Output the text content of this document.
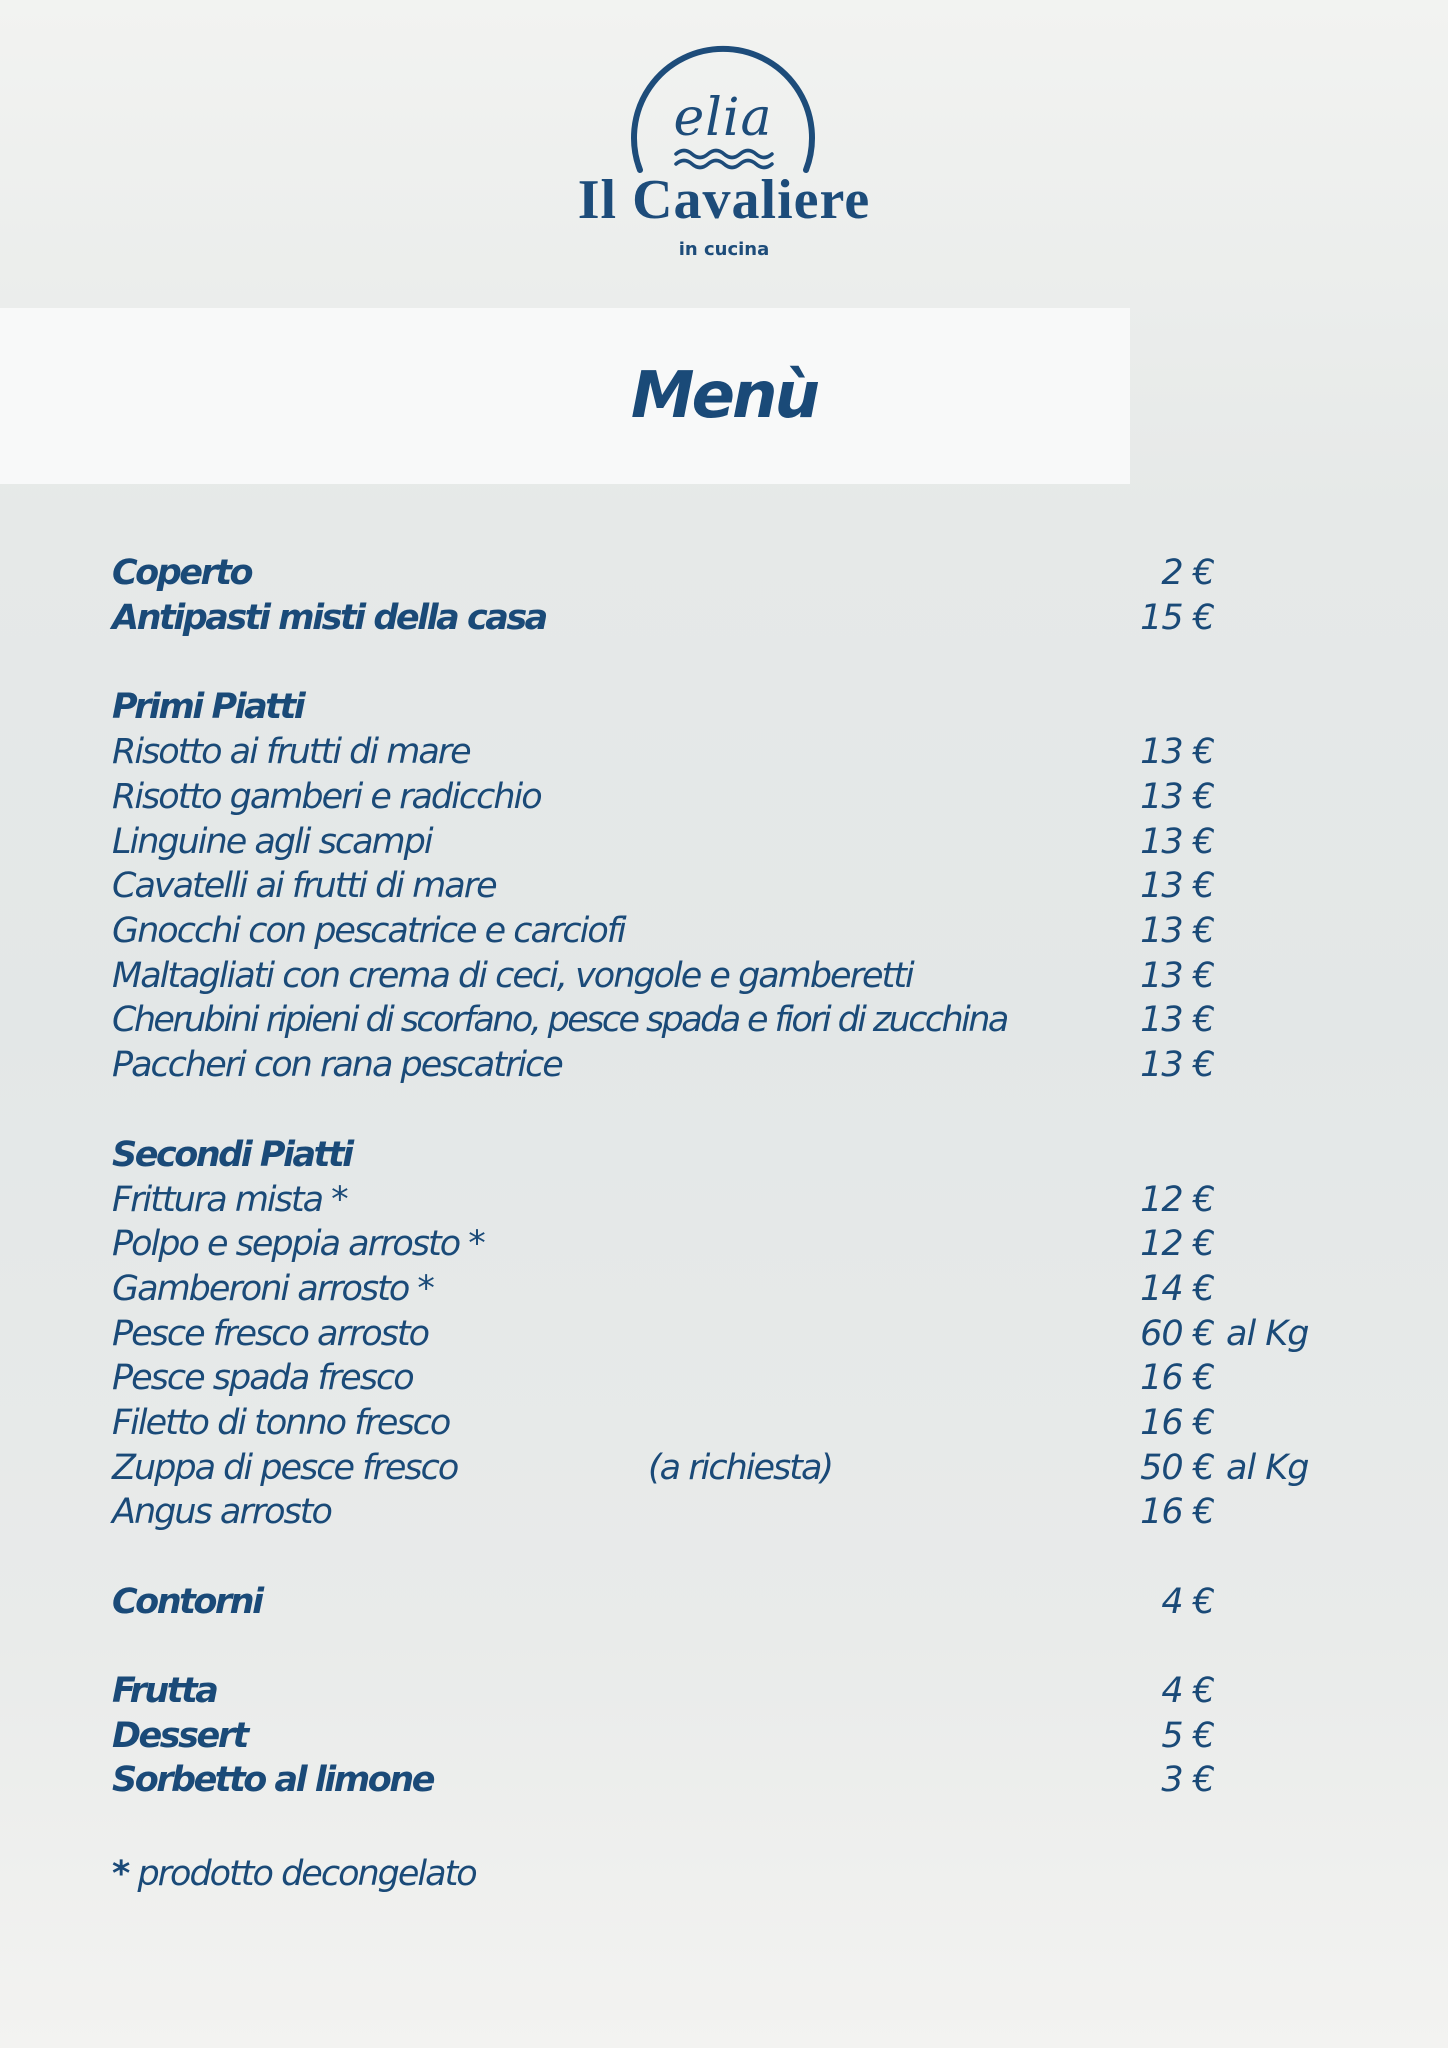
elia
Il Cavaliere
in cucina
Menù
Coperto	2 €
Antipasti misti della casa	15 €
Primi Piatti
Risotto ai frutti di mare	13 €
Risotto gamberi e radicchio	13 €
Linguine agli scampi	13 €
Cavatelli ai frutti di mare	13 €
Gnocchi con pescatrice e carciofi	13 €
Maltagliati con crema di ceci, vongole e gamberetti	13 €
Cherubini ripieni di scorfano, pesce spada e fiori di zucchina	13 €
Paccheri con rana pescatrice	13 €
Secondi Piatti
Frittura mista *	12 €
Polpo e seppia arrosto *	12 €
Gamberoni arrosto *	14 €
Pesce fresco arrosto	60 € al Kg
Pesce spada fresco	16 €
Filetto di tonno fresco	16 €
Zuppa di pesce fresco	(a richiesta)	50 € al Kg
Angus arrosto	16 €
Contorni	4 €
Frutta	4 €
Dessert	5 €
Sorbetto al limone	3 €
* prodotto decongelato
